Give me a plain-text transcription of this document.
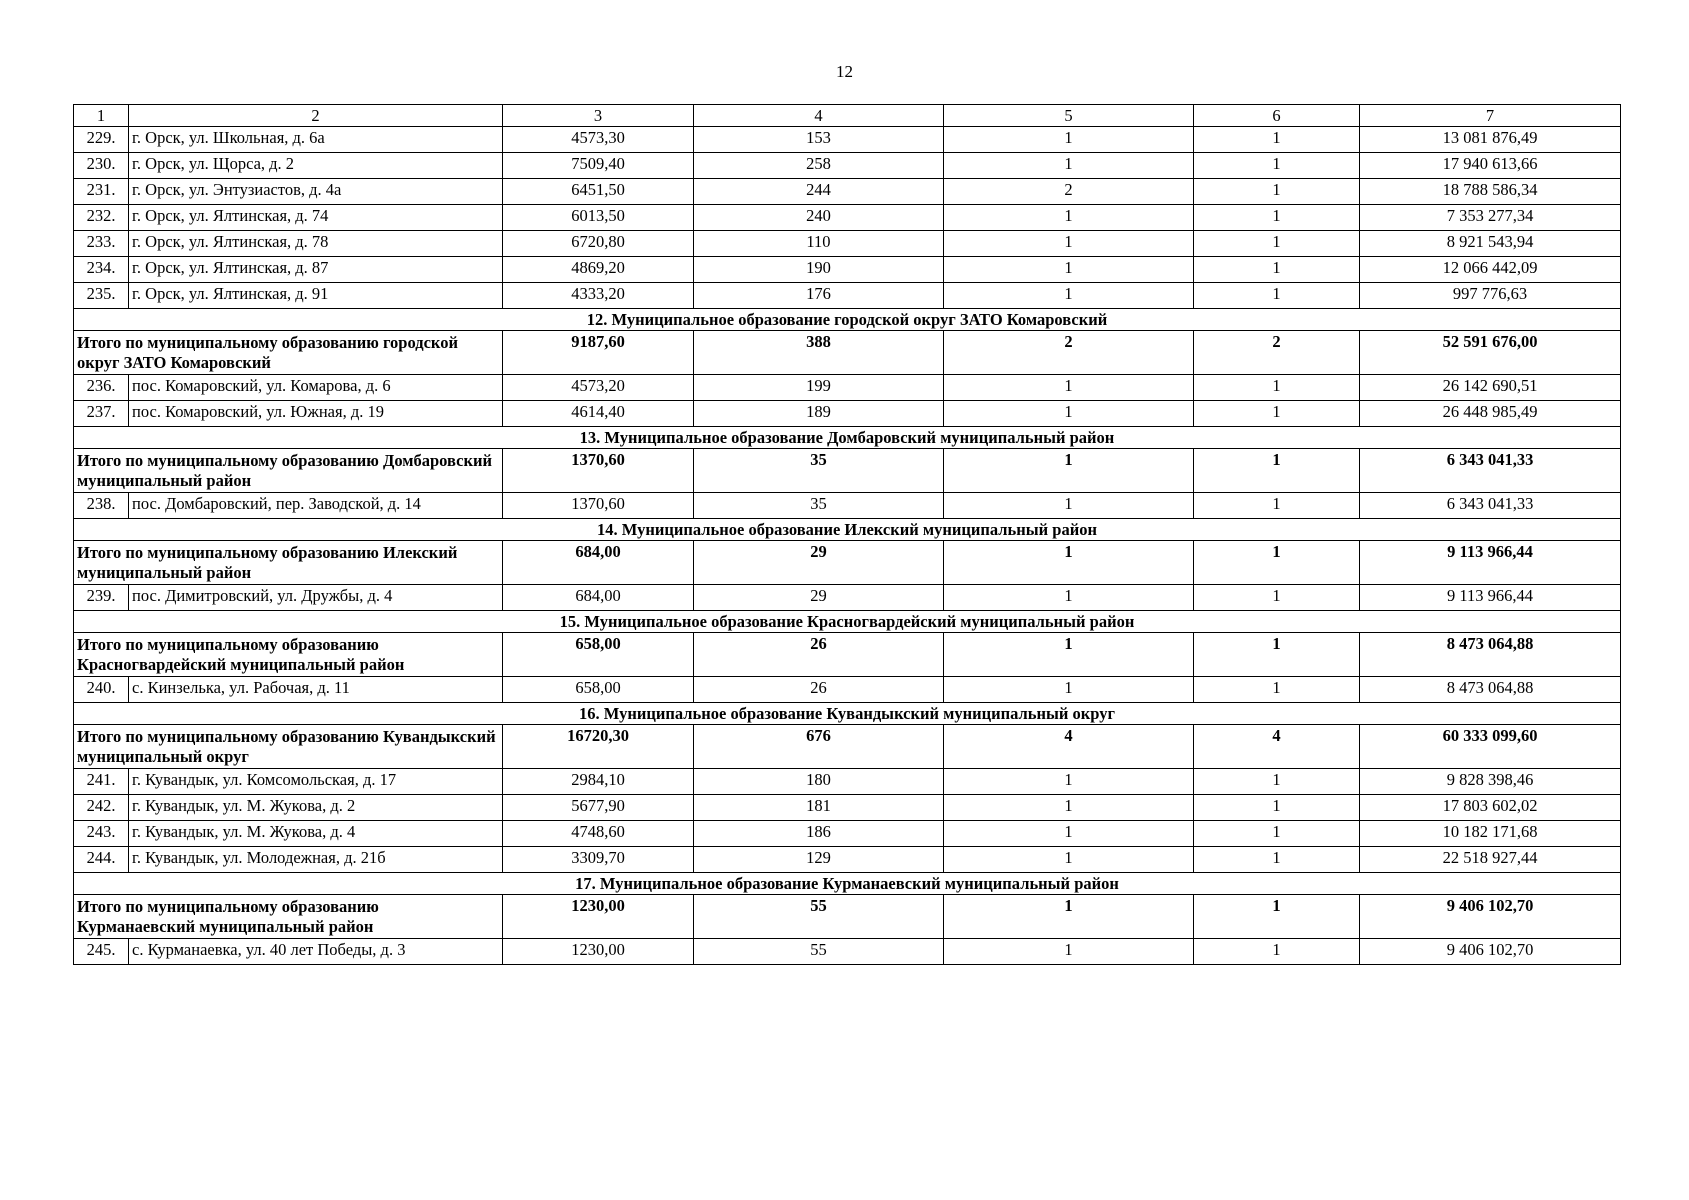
12
1	2	3	4	5	6	7
229.	г. Орск, ул. Школьная, д. 6а	4573,30	153	1	1	13 081 876,49
230.	г. Орск, ул. Щорса, д. 2	7509,40	258	1	1	17 940 613,66
231.	г. Орск, ул. Энтузиастов, д. 4а	6451,50	244	2	1	18 788 586,34
232.	г. Орск, ул. Ялтинская, д. 74	6013,50	240	1	1	7 353 277,34
233.	г. Орск, ул. Ялтинская, д. 78	6720,80	110	1	1	8 921 543,94
234.	г. Орск, ул. Ялтинская, д. 87	4869,20	190	1	1	12 066 442,09
235.	г. Орск, ул. Ялтинская, д. 91	4333,20	176	1	1	997 776,63
12. Муниципальное образование городской округ ЗАТО Комаровский						
Итого по муниципальному образованию городской округ ЗАТО Комаровский		9187,60	388	2	2	52 591 676,00
236.	пос. Комаровский, ул. Комарова, д. 6	4573,20	199	1	1	26 142 690,51
237.	пос. Комаровский, ул. Южная, д. 19	4614,40	189	1	1	26 448 985,49
13. Муниципальное образование Домбаровский муниципальный район						
Итого по муниципальному образованию Домбаровский муниципальный район		1370,60	35	1	1	6 343 041,33
238.	пос. Домбаровский, пер. Заводской, д. 14	1370,60	35	1	1	6 343 041,33
14. Муниципальное образование Илекский муниципальный район						
Итого по муниципальному образованию Илекский муниципальный район		684,00	29	1	1	9 113 966,44
239.	пос. Димитровский, ул. Дружбы, д. 4	684,00	29	1	1	9 113 966,44
15. Муниципальное образование Красногвардейский муниципальный район						
Итого по муниципальному образованию Красногвардейский муниципальный район		658,00	26	1	1	8 473 064,88
240.	с. Кинзелька, ул. Рабочая, д. 11	658,00	26	1	1	8 473 064,88
16. Муниципальное образование Кувандыкский муниципальный округ						
Итого по муниципальному образованию Кувандыкский муниципальный округ		16720,30	676	4	4	60 333 099,60
241.	г. Кувандык, ул. Комсомольская, д. 17	2984,10	180	1	1	9 828 398,46
242.	г. Кувандык, ул. М. Жукова, д. 2	5677,90	181	1	1	17 803 602,02
243.	г. Кувандык, ул. М. Жукова, д. 4	4748,60	186	1	1	10 182 171,68
244.	г. Кувандык, ул. Молодежная, д. 21б	3309,70	129	1	1	22 518 927,44
17. Муниципальное образование Курманаевский муниципальный район						
Итого по муниципальному образованию Курманаевский муниципальный район		1230,00	55	1	1	9 406 102,70
245.	с. Курманаевка, ул. 40 лет Победы, д. 3	1230,00	55	1	1	9 406 102,70
